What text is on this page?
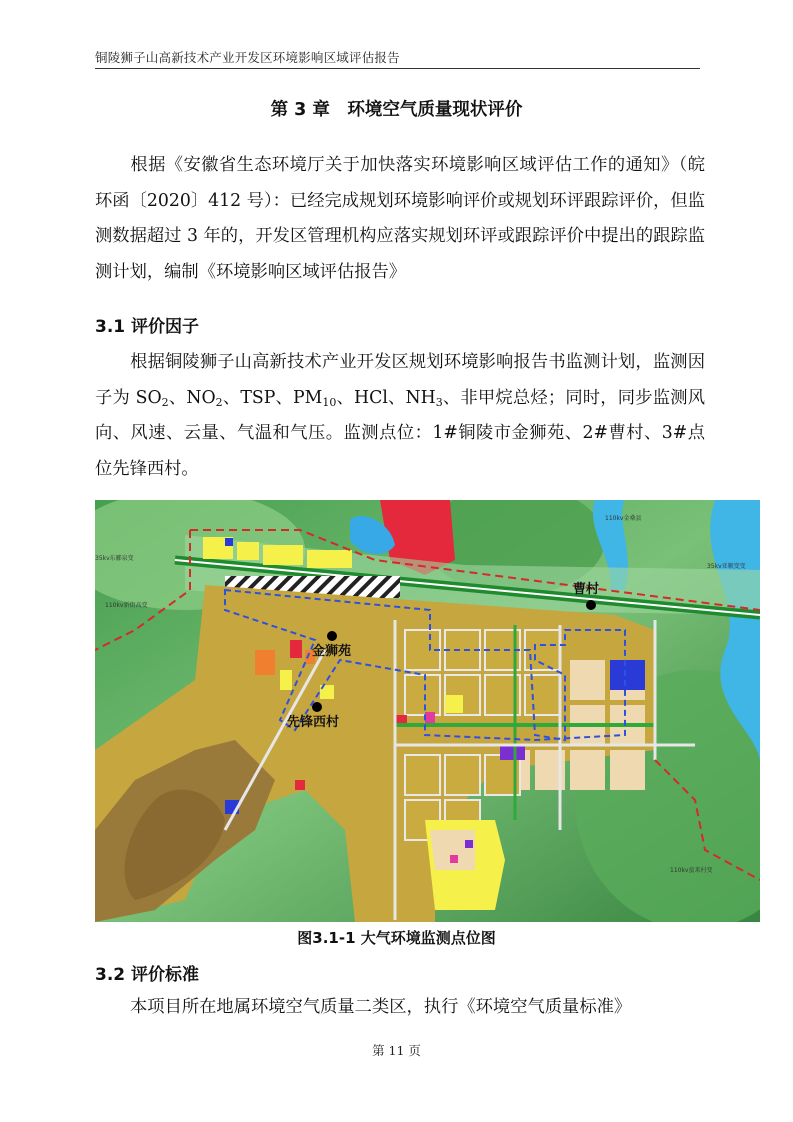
铜陵狮子山高新技术产业开发区环境影响区域评估报告
第 3 章　环境空气质量现状评价
根据《安徽省生态环境厅关于加快落实环境影响区域评估工作的通知》（皖环函〔2020〕412 号）：已经完成规划环境影响评价或规划环评跟踪评价，但监测数据超过 3 年的，开发区管理机构应落实规划环评或跟踪评价中提出的跟踪监测计划，编制《环境影响区域评估报告》
3.1 评价因子
根据铜陵狮子山高新技术产业开发区规划环境影响报告书监测计划，监测因子为 $SO_2$、$NO_2$、TSP、$PM_{10}$、HCl、$NH_3$、非甲烷总烃；同时，同步监测风向、风速、云量、气温和气压。监测点位：1#铜陵市金狮苑、2#曹村、3#点位先锋西村。
35kv东郦泉变
110kv新街高变
110kv金桑县
35kv亚顺变变
110kv蛮来村变
曹村
金狮苑
先锋西村
图3.1-1 大气环境监测点位图
3.2 评价标准
本项目所在地属环境空气质量二类区，执行《环境空气质量标准》
第 11 页
